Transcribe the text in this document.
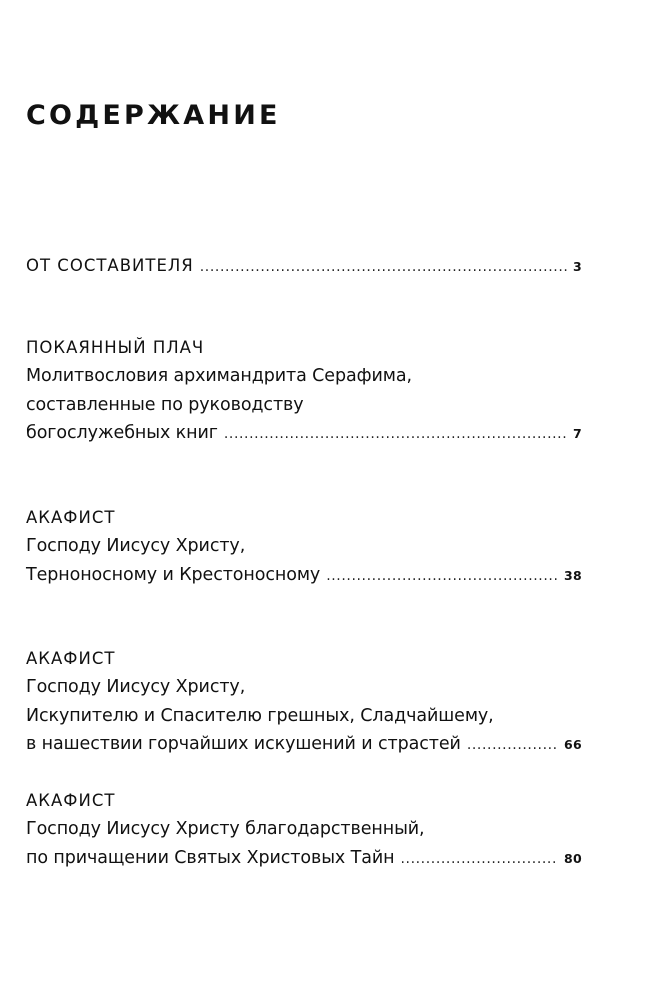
СОДЕРЖАНИЕ
ОТ СОСТАВИТЕЛЯ .....	3
ПОКАЯННЫЙ ПЛАЧ
Молитвословия архимандрита Серафима,
составленные по руководству
богослужебных книг .....	7
АКАФИСТ
Господу Иисусу Христу,
Терноносному и Крестоносному .....	38
АКАФИСТ
Господу Иисусу Христу,
Искупителю и Спасителю грешных, Сладчайшему,
в нашествии горчайших искушений и страстей .....	66
АКАФИСТ
Господу Иисусу Христу благодарственный,
по причащении Святых Христовых Тайн .....	80
